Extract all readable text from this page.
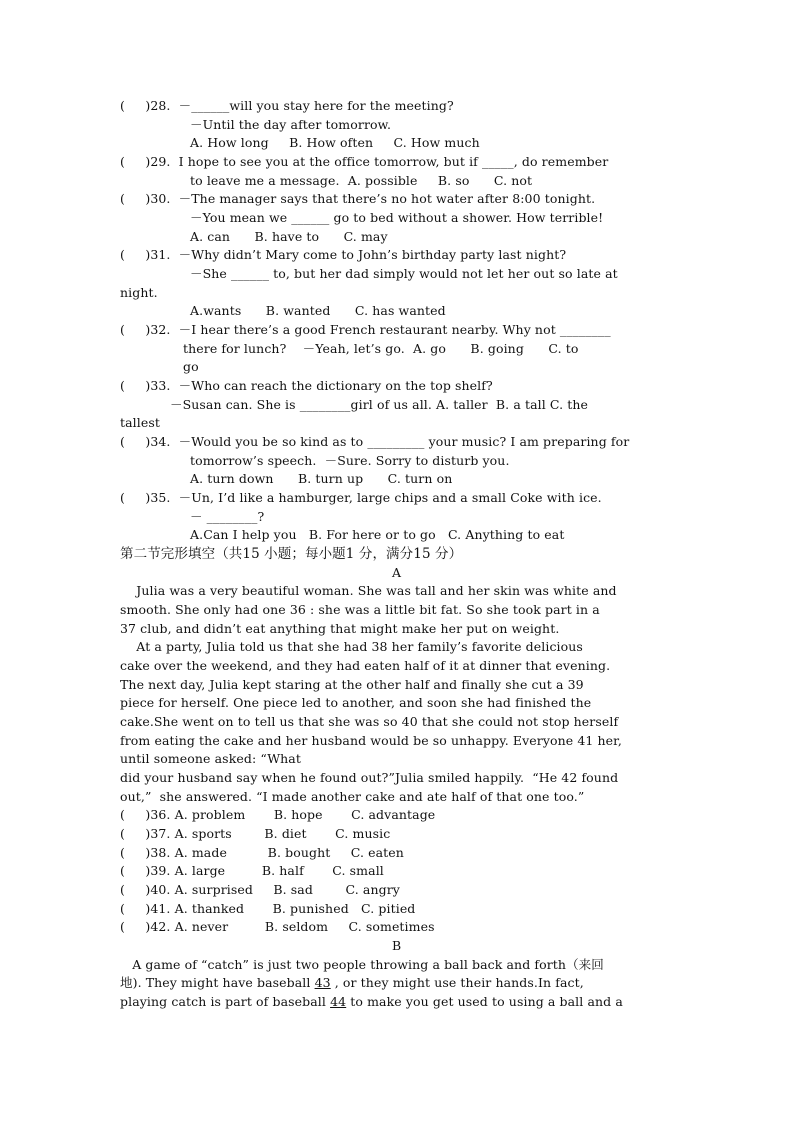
(     )28.  －______will you stay here for the meeting?
－Until the day after tomorrow.
A. How long     B. How often     C. How much
(     )29.  I hope to see you at the office tomorrow, but if _____, do remember
to leave me a message.  A. possible     B. so      C. not
(     )30.  －The manager says that there’s no hot water after 8:00 tonight.
－You mean we ______ go to bed without a shower. How terrible!
A. can      B. have to      C. may
(     )31.  －Why didn’t Mary come to John’s birthday party last night?
－She ______ to, but her dad simply would not let her out so late at
night.
A.wants      B. wanted      C. has wanted
(     )32.  －I hear there’s a good French restaurant nearby. Why not ________
there for lunch?    －Yeah, let’s go.  A. go      B. going      C. to
go
(     )33.  －Who can reach the dictionary on the top shelf?
－Susan can. She is ________girl of us all. A. taller  B. a tall C. the
tallest
(     )34.  －Would you be so kind as to _________ your music? I am preparing for
tomorrow’s speech.  －Sure. Sorry to disturb you.
A. turn down      B. turn up      C. turn on
(     )35.  －Un, I’d like a hamburger, large chips and a small Coke with ice.
－ ________?
A.Can I help you   B. For here or to go   C. Anything to eat
第二节完形填空（共15 小题；每小题1 分，满分15 分）
A
Julia was a very beautiful woman. She was tall and her skin was white and
smooth. She only had one 36 : she was a little bit fat. So she took part in a
37 club, and didn’t eat anything that might make her put on weight.
At a party, Julia told us that she had 38 her family’s favorite delicious
cake over the weekend, and they had eaten half of it at dinner that evening.
The next day, Julia kept staring at the other half and finally she cut a 39
piece for herself. One piece led to another, and soon she had finished the
cake.She went on to tell us that she was so 40 that she could not stop herself
from eating the cake and her husband would be so unhappy. Everyone 41 her,
until someone asked: “What
did your husband say when he found out?”Julia smiled happily.  “He 42 found
out,”  she answered. “I made another cake and ate half of that one too.”
(     )36. A. problem       B. hope       C. advantage
(     )37. A. sports        B. diet       C. music
(     )38. A. made          B. bought     C. eaten
(     )39. A. large         B. half       C. small
(     )40. A. surprised     B. sad        C. angry
(     )41. A. thanked       B. punished   C. pitied
(     )42. A. never         B. seldom     C. sometimes
B
A game of “catch” is just two people throwing a ball back and forth（来回
地). They might have baseball 43 , or they might use their hands.In fact,
playing catch is part of baseball 44 to make you get used to using a ball and a
